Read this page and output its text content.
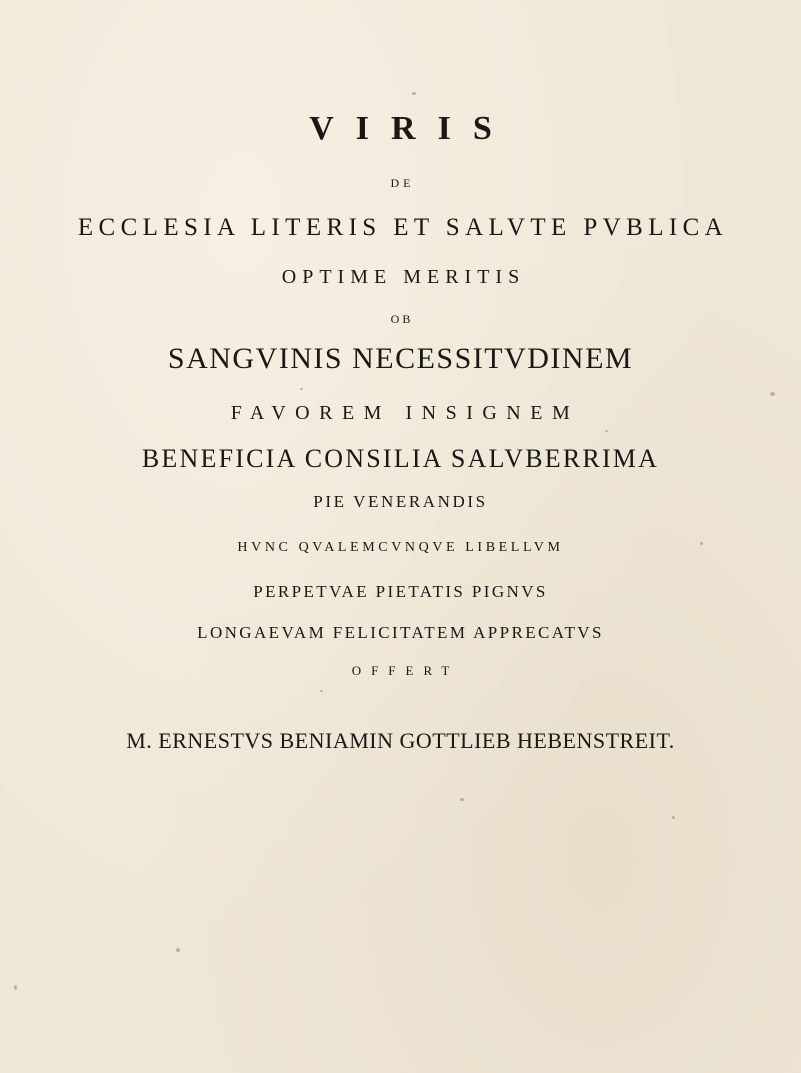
VIRIS
DE
ECCLESIA LITERIS ET SALVTE PVBLICA
OPTIME MERITIS
OB
SANGVINIS NECESSITVDINEM
FAVOREM INSIGNEM
BENEFICIA CONSILIA SALVBERRIMA
PIE VENERANDIS
HVNC QVALEMCVNQVE LIBELLVM
PERPETVAE PIETATIS PIGNVS
LONGAEVAM FELICITATEM APPRECATVS
OFFERT
M. ERNESTVS BENIAMIN GOTTLIEB HEBENSTREIT.
